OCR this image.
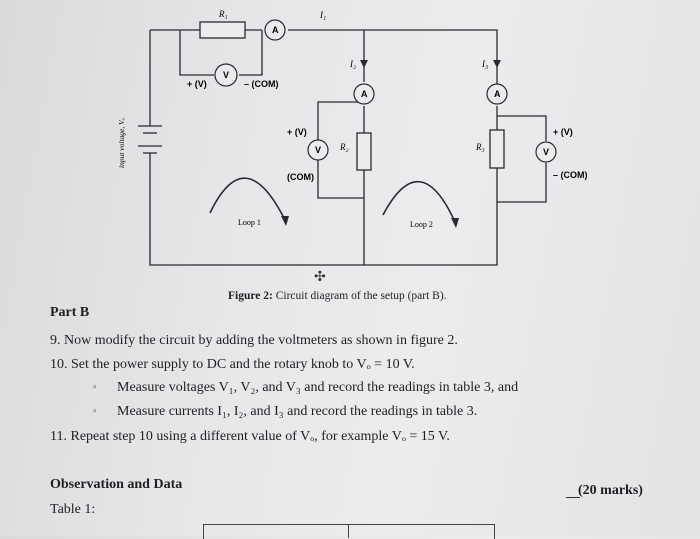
R₁	I₁
I₂	I₃
R₂	R₃
+ (V)	– (COM)
+ (V)
(COM)
+ (V)
– (COM)
A
A	A
V
V	V
input voltage, Vₒ
Loop 1	Loop 2
✣
Figure 2: Circuit diagram of the setup (part B).
Part B
9. Now modify the circuit by adding the voltmeters as shown in figure 2.
10. Set the power supply to DC and the rotary knob to Vₒ = 10 V.
▫ Measure voltages V₁, V₂, and V₃ and record the readings in table 3, and
▫ Measure currents I₁, I₂, and I₃ and record the readings in table 3.
11. Repeat step 10 using a different value of Vₒ, for example Vₒ = 15 V.
Observation and Data	(20 marks)
Table 1:
